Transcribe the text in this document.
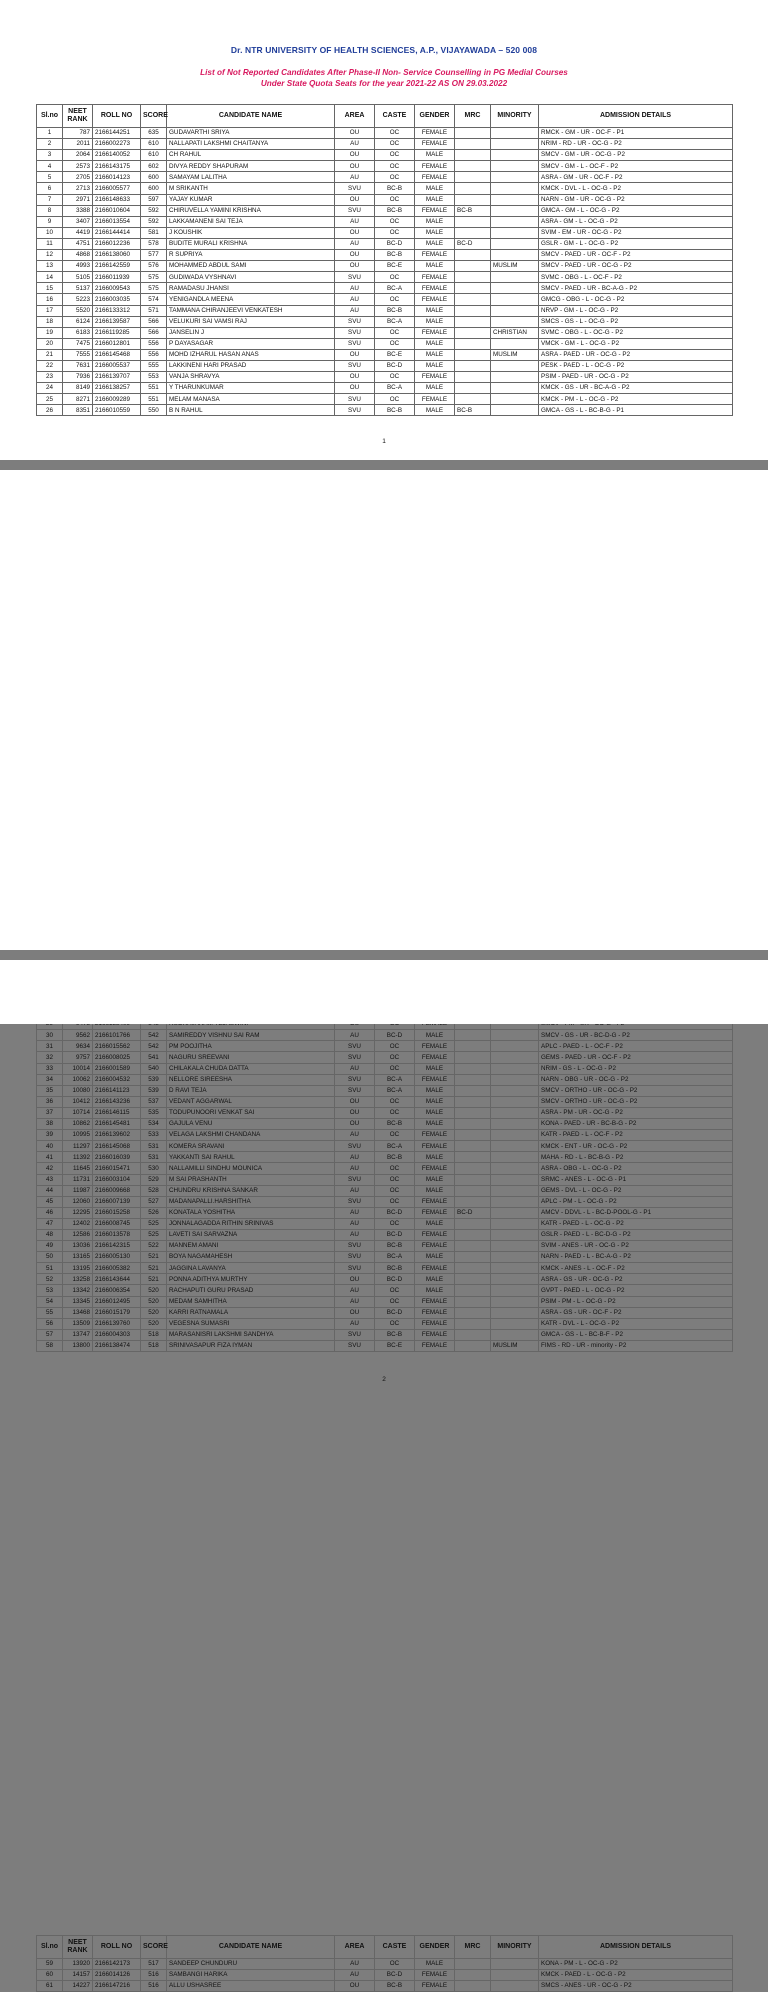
Dr. NTR UNIVERSITY OF HEALTH SCIENCES, A.P., VIJAYAWADA – 520 008
List of Not Reported Candidates After Phase-II Non- Service Counselling in PG Medial Courses
Under State Quota Seats for the year 2021-22 AS ON 29.03.2022
Sl.no	NEET RANK	ROLL NO	SCORE	CANDIDATE NAME	AREA	CASTE	GENDER	MRC	MINORITY	ADMISSION DETAILS
1	787	2166144251	635	GUDAVARTHI SRIYA	OU	OC	FEMALE			RMCK - GM - UR - OC-F - P1
2	2011	2166002273	610	NALLAPATI LAKSHMI CHAITANYA	AU	OC	FEMALE			NRIM - RD - UR - OC-G - P2
3	2064	2166140052	610	CH RAHUL	OU	OC	MALE			SMCV - GM - UR - OC-G - P2
4	2573	2166143175	602	DIVYA REDDY SHAPURAM	OU	OC	FEMALE			SMCV - GM - L - OC-F - P2
5	2705	2166014123	600	SAMAYAM LALITHA	AU	OC	FEMALE			ASRA - GM - UR - OC-F - P2
6	2713	2166005577	600	M SRIKANTH	SVU	BC-B	MALE			KMCK - DVL - L - OC-G - P2
7	2971	2166148633	597	YAJAY KUMAR	OU	OC	MALE			NARN - GM - UR - OC-G - P2
8	3388	2166010604	592	CHIRUVELLA YAMINI KRISHNA	SVU	BC-B	FEMALE	BC-B		GMCA - GM - L - OC-G - P2
9	3407	2166013554	592	LAKKAMANENI SAI TEJA	AU	OC	MALE			ASRA - GM - L - OC-G - P2
10	4419	2166144414	581	J KOUSHIK	OU	OC	MALE			SVIM - EM - UR - OC-G - P2
11	4751	2166012236	578	BUDITE MURALI KRISHNA	AU	BC-D	MALE	BC-D		GSLR - GM - L - OC-G - P2
12	4868	2166138060	577	R SUPRIYA	OU	BC-B	FEMALE			SMCV - PAED - UR - OC-F - P2
13	4993	2166142559	576	MOHAMMED ABDUL SAMI	OU	BC-E	MALE		MUSLIM	SMCV - PAED - UR - OC-G - P2
14	5105	2166011939	575	GUDIWADA VYSHNAVI	SVU	OC	FEMALE			SVMC - OBG - L - OC-F - P2
15	5137	2166009543	575	RAMADASU JHANSI	AU	BC-A	FEMALE			SMCV - PAED - UR - BC-A-G - P2
16	5223	2166003035	574	YENIGANDLA MEENA	AU	OC	FEMALE			GMCG - OBG - L - OC-G - P2
17	5520	2166133312	571	TAMMANA CHIRANJEEVI VENKATESH	AU	BC-B	MALE			NRVP - GM - L - OC-G - P2
18	6124	2166139587	566	VELUKURI SAI VAMSI RAJ	SVU	BC-A	MALE			SMCS - GS - L - OC-G - P2
19	6183	2166119285	566	JANSELIN J	SVU	OC	FEMALE		CHRISTIAN	SVMC - OBG - L - OC-G - P2
20	7475	2166012801	556	P DAYASAGAR	SVU	OC	MALE			VMCK - GM - L - OC-G - P2
21	7555	2166145468	556	MOHD IZHARUL HASAN ANAS	OU	BC-E	MALE		MUSLIM	ASRA - PAED - UR - OC-G - P2
22	7631	2166005537	555	LAKKINENI HARI PRASAD	SVU	BC-D	MALE			PESK - PAED - L - OC-G - P2
23	7936	2166139707	553	VANJA SHRAVYA	OU	OC	FEMALE			PSIM - PAED - UR - OC-G - P2
24	8149	2166138257	551	Y THARUNKUMAR	OU	BC-A	MALE			KMCK - GS - UR - BC-A-G - P2
25	8271	2166009289	551	MELAM MANASA	SVU	OC	FEMALE			KMCK - PM - L - OC-G - P2
26	8351	2166010559	550	B N RAHUL	SVU	BC-B	MALE	BC-B		GMCA - GS - L - BC-B-G - P1
1

30	9562	2166101766	542	SAMIREDDY VISHNU SAI RAM	AU	BC-D	MALE			SMCV - GS - UR - BC-D-G - P2
31	9634	2166015562	542	PM POOJITHA	SVU	OC	FEMALE			APLC - PAED - L - OC-F - P2
32	9757	2166008025	541	NAGURU SREEVANI	SVU	OC	FEMALE			GEMS - PAED - UR - OC-F - P2
33	10014	2166001589	540	CHILAKALA CHUDA DATTA	AU	OC	MALE			NRIM - GS - L - OC-G - P2
34	10062	2166004532	539	NELLORE SIREESHA	SVU	BC-A	FEMALE			NARN - OBG - UR - OC-G - P2
35	10080	2166141123	539	D RAVI TEJA	SVU	BC-A	MALE			SMCV - ORTHO - UR - OC-G - P2
36	10412	2166143236	537	VEDANT AGGARWAL	OU	OC	MALE			SMCV - ORTHO - UR - OC-G - P2
37	10714	2166146115	535	TODUPUNOORI VENKAT SAI	OU	OC	MALE			ASRA - PM - UR - OC-G - P2
38	10862	2166145481	534	GAJULA VENU	OU	BC-B	MALE			KONA - PAED - UR - BC-B-G - P2
39	10995	2166139602	533	VELAGA LAKSHMI CHANDANA	AU	OC	FEMALE			KATR - PAED - L - OC-F - P2
40	11297	2166145068	531	KOMERA SRAVANI	SVU	BC-A	FEMALE			KMCK - ENT - UR - OC-G - P2
41	11392	2166016039	531	YAKKANTI SAI RAHUL	AU	BC-B	MALE			MAHA - RD - L - BC-B-G - P2
42	11645	2166015471	530	NALLAMILLI SINDHU MOUNICA	AU	OC	FEMALE			ASRA - OBG - L - OC-G - P2
43	11731	2166003104	529	M SAI PRASHANTH	SVU	OC	MALE			SRMC - ANES - L - OC-G - P1
44	11987	2166009668	528	CHUNDRU KRISHNA SANKAR	AU	OC	MALE			GEMS - DVL - L - OC-G - P2
45	12060	2166007139	527	MADANAPALLI.HARSHITHA	SVU	OC	FEMALE			APLC - PM - L - OC-G - P2
46	12295	2166015258	526	KONATALA YOSHITHA	AU	BC-D	FEMALE	BC-D		AMCV - DDVL - L - BC-D-POOL-G - P1
47	12402	2166008745	525	JONNALAGADDA RITHIN SRINIVAS	AU	OC	MALE			KATR - PAED - L - OC-G - P2
48	12586	2166013578	525	LAVETI SAI SARVAZNA	AU	BC-D	FEMALE			GSLR - PAED - L - BC-D-G - P2
49	13036	2166142315	522	MANNEM AMANI	SVU	BC-B	FEMALE			SVIM - ANES - UR - OC-G - P2
50	13165	2166005130	521	BOYA NAGAMAHESH	SVU	BC-A	MALE			NARN - PAED - L - BC-A-G - P2
51	13195	2166005382	521	JAGGINA LAVANYA	SVU	BC-B	FEMALE			KMCK - ANES - L - OC-F - P2
52	13258	2166143644	521	PONNA ADITHYA MURTHY	OU	BC-D	MALE			ASRA - GS - UR - OC-G - P2
53	13342	2166006354	520	RACHAPUTI GURU PRASAD	AU	OC	MALE			GVPT - PAED - L - OC-G - P2
54	13345	2166012495	520	MEDAM SAMHITHA	AU	OC	FEMALE			PSIM - PM - L - OC-G - P2
55	13468	2166015179	520	KARRI RATNAMALA	OU	BC-D	FEMALE			ASRA - GS - UR - OC-F - P2
56	13509	2166139760	520	VEGESNA SUMASRI	AU	OC	FEMALE			KATR - DVL - L - OC-G - P2
57	13747	2166004303	518	MARASANISRI LAKSHMI SANDHYA	SVU	BC-B	FEMALE			GMCA - GS - L - BC-B-F - P2
58	13800	2166138474	518	SRINIVASAPUR FIZA IYMAN	SVU	BC-E	FEMALE		MUSLIM	FIMS - RD - UR - minority - P2
2
Sl.no	NEET RANK	ROLL NO	SCORE	CANDIDATE NAME	AREA	CASTE	GENDER	MRC	MINORITY	ADMISSION DETAILS
59	13920	2166142173	517	SANDEEP CHUNDURU	AU	OC	MALE			KONA - PM - L - OC-G - P2
60	14157	2166014126	516	SAMBANGI HARIKA	AU	BC-D	FEMALE			KMCK - PAED - L - OC-G - P2
61	14227	2166147216	516	ALLU USHASREE	OU	BC-B	FEMALE			SMCS - ANES - UR - OC-G - P2
